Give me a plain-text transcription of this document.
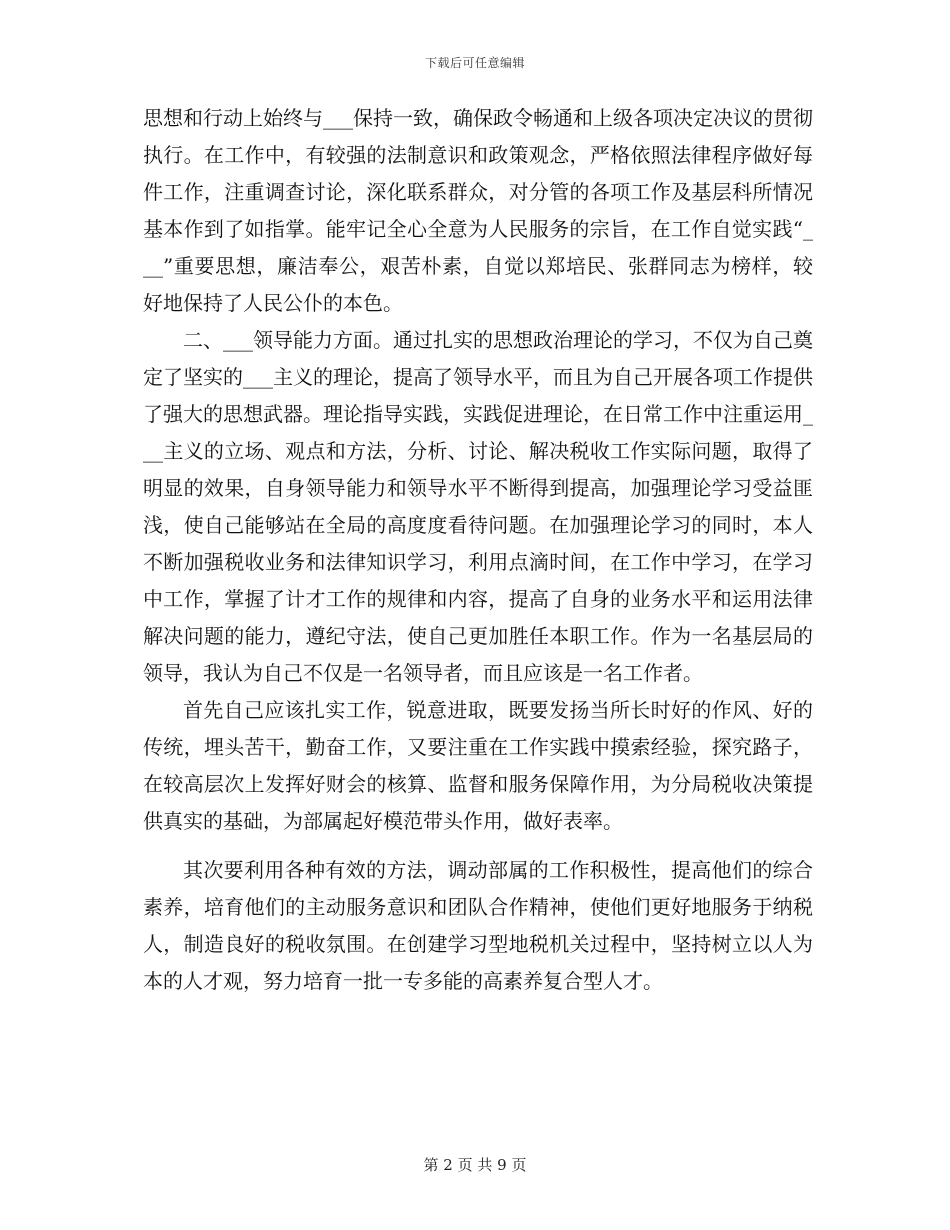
下载后可任意编辑

思想和行动上始终与___保持一致，确保政令畅通和上级各项决定决议的贯彻执行。在工作中，有较强的法制意识和政策观念，严格依照法律程序做好每件工作，注重调查讨论，深化联系群众，对分管的各项工作及基层科所情况基本作到了如指掌。能牢记全心全意为人民服务的宗旨，在工作自觉实践“___”重要思想，廉洁奉公，艰苦朴素，自觉以郑培民、张群同志为榜样，较好地保持了人民公仆的本色。

二、___领导能力方面。通过扎实的思想政治理论的学习，不仅为自己奠定了坚实的___主义的理论，提高了领导水平，而且为自己开展各项工作提供了强大的思想武器。理论指导实践，实践促进理论，在日常工作中注重运用___主义的立场、观点和方法，分析、讨论、解决税收工作实际问题，取得了明显的效果，自身领导能力和领导水平不断得到提高，加强理论学习受益匪浅，使自己能够站在全局的高度度看待问题。在加强理论学习的同时，本人不断加强税收业务和法律知识学习，利用点滴时间，在工作中学习，在学习中工作，掌握了计才工作的规律和内容，提高了自身的业务水平和运用法律解决问题的能力，遵纪守法，使自己更加胜任本职工作。作为一名基层局的领导，我认为自己不仅是一名领导者，而且应该是一名工作者。

首先自己应该扎实工作，锐意进取，既要发扬当所长时好的作风、好的传统，埋头苦干，勤奋工作，又要注重在工作实践中摸索经验，探究路子，在较高层次上发挥好财会的核算、监督和服务保障作用，为分局税收决策提供真实的基础，为部属起好模范带头作用，做好表率。

其次要利用各种有效的方法，调动部属的工作积极性，提高他们的综合素养，培育他们的主动服务意识和团队合作精神，使他们更好地服务于纳税人，制造良好的税收氛围。在创建学习型地税机关过程中，坚持树立以人为本的人才观，努力培育一批一专多能的高素养复合型人才。

第 2 页 共 9 页
